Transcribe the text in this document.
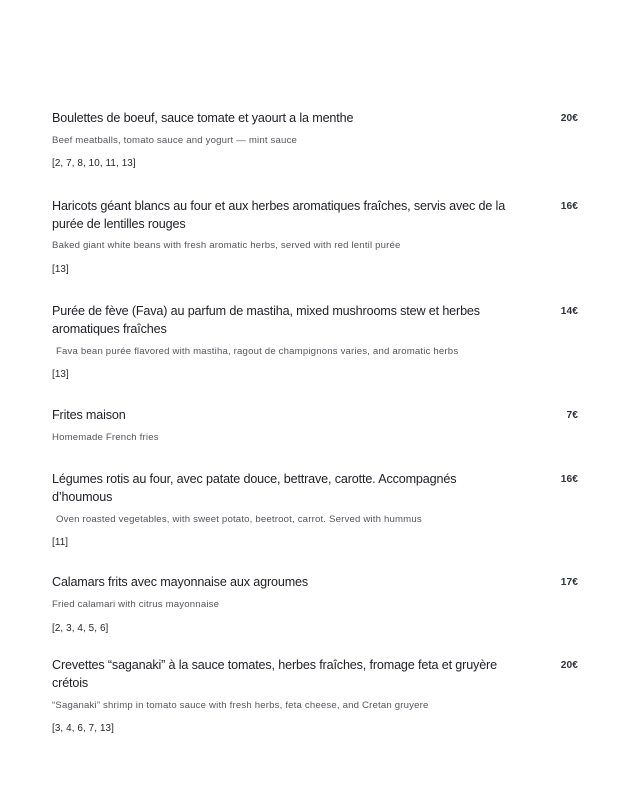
Boulettes de boeuf, sauce tomate et yaourt a la menthe	20€
Beef meatballs, tomato sauce and yogurt — mint sauce
[2, 7, 8, 10, 11, 13]
Haricots géant blancs au four et aux herbes aromatiques fraîches, servis avec de la purée de lentilles rouges
16€
Baked giant white beans with fresh aromatic herbs, served with red lentil purée
[13]
Purée de fève (Fava) au parfum de mastiha, mixed mushrooms stew et herbes aromatiques fraîches
14€
Fava bean purée flavored with mastiha, ragout de champignons varies, and aromatic herbs
[13]
Frites maison	7€
Homemade French fries
Légumes rotis au four, avec patate douce, bettrave, carotte. Accompagnés d’houmous
16€
Oven roasted vegetables, with sweet potato, beetroot, carrot. Served with hummus
[11]
Calamars frits avec mayonnaise aux agroumes	17€
Fried calamari with citrus mayonnaise
[2, 3, 4, 5, 6]
Crevettes “saganaki” à la sauce tomates, herbes fraîches, fromage feta et gruyère crétois
20€
“Saganaki” shrimp in tomato sauce with fresh herbs, feta cheese, and Cretan gruyere
[3, 4, 6, 7, 13]
